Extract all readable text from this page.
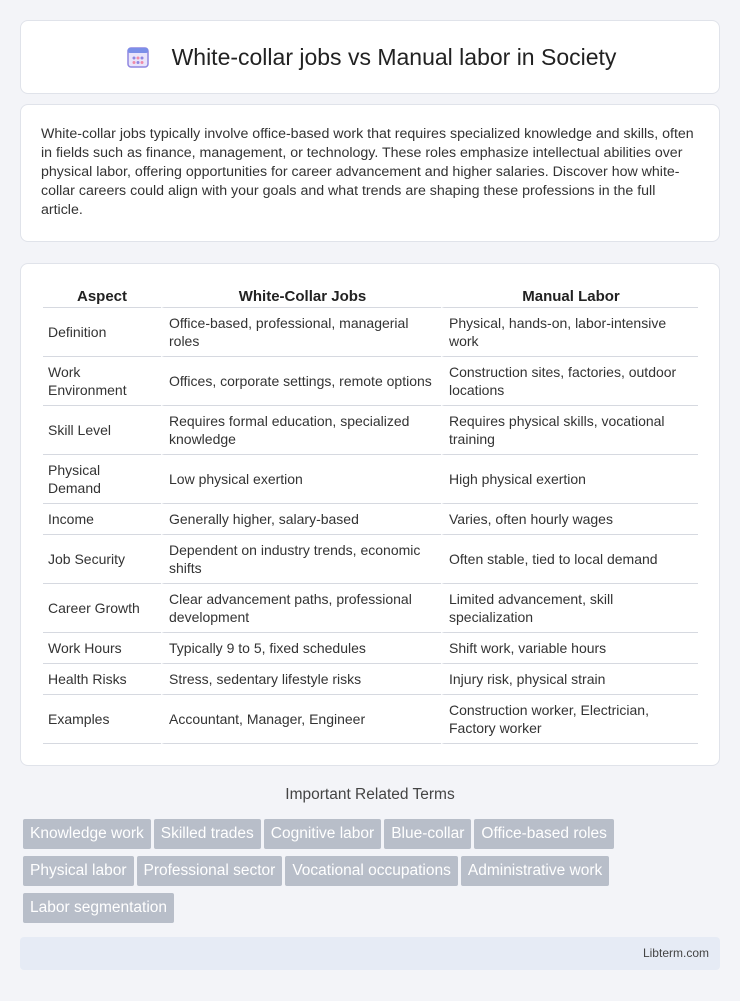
White-collar jobs vs Manual labor in Society

White-collar jobs typically involve office-based work that requires specialized knowledge and skills, often in fields such as finance, management, or technology. These roles emphasize intellectual abilities over physical labor, offering opportunities for career advancement and higher salaries. Discover how white-collar careers could align with your goals and what trends are shaping these professions in the full article.

Aspect	White-Collar Jobs	Manual Labor
Definition	Office-based, professional, managerial roles	Physical, hands-on, labor-intensive work
Work Environment	Offices, corporate settings, remote options	Construction sites, factories, outdoor locations
Skill Level	Requires formal education, specialized knowledge	Requires physical skills, vocational training
Physical Demand	Low physical exertion	High physical exertion
Income	Generally higher, salary-based	Varies, often hourly wages
Job Security	Dependent on industry trends, economic shifts	Often stable, tied to local demand
Career Growth	Clear advancement paths, professional development	Limited advancement, skill specialization
Work Hours	Typically 9 to 5, fixed schedules	Shift work, variable hours
Health Risks	Stress, sedentary lifestyle risks	Injury risk, physical strain
Examples	Accountant, Manager, Engineer	Construction worker, Electrician, Factory worker
Important Related Terms
Knowledge work Skilled trades Cognitive labor Blue-collar Office-based rolesPhysical labor Professional sector Vocational occupations Administrative workLabor segmentation
Libterm.com
